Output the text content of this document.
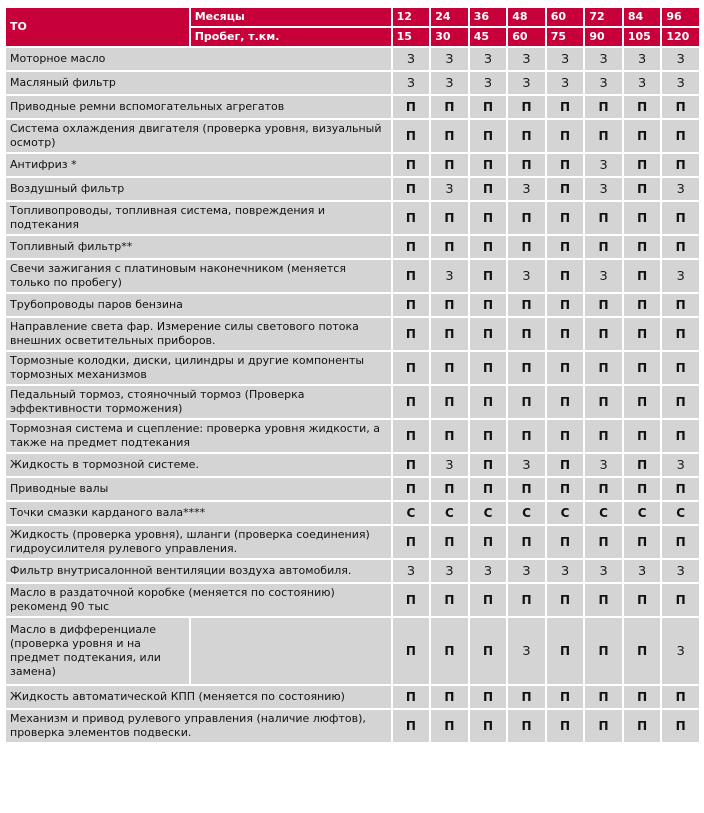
ТО	Месяцы	12	24	36	48	60	72	84	96
	Пробег, т.км.	15	30	45	60	75	90	105	120
Моторное масло		З	З	З	З	З	З	З	З
Масляный фильтр		З	З	З	З	З	З	З	З
Приводные ремни вспомогательных агрегатов		П	П	П	П	П	П	П	П
Система охлаждения двигателя (проверка уровня, визуальный осмотр)		П	П	П	П	П	П	П	П
Антифриз *		П	П	П	П	П	З	П	П
Воздушный фильтр		П	З	П	З	П	З	П	З
Топливопроводы, топливная система, повреждения и подтекания		П	П	П	П	П	П	П	П
Топливный фильтр**		П	П	П	П	П	П	П	П
Свечи зажигания с платиновым наконечником (меняется только по пробегу)		П	З	П	З	П	З	П	З
Трубопроводы паров бензина		П	П	П	П	П	П	П	П
Направление света фар. Измерение силы светового потока внешних осветительных приборов.		П	П	П	П	П	П	П	П
Тормозные колодки, диски, цилиндры и другие компоненты тормозных механизмов		П	П	П	П	П	П	П	П
Педальный тормоз, стояночный тормоз (Проверка эффективности торможения)		П	П	П	П	П	П	П	П
Тормозная система и сцепление: проверка уровня жидкости, а также на предмет подтекания		П	П	П	П	П	П	П	П
Жидкость в тормозной системе.		П	З	П	З	П	З	П	З
Приводные валы		П	П	П	П	П	П	П	П
Точки смазки карданого вала****		С	С	С	С	С	С	С	С
Жидкость (проверка уровня), шланги (проверка соединения) гидроусилителя рулевого управления.		П	П	П	П	П	П	П	П
Фильтр внутрисалонной вентиляции воздуха автомобиля.		З	З	З	З	З	З	З	З
Масло в раздаточной коробке (меняется по состоянию) рекоменд 90 тыс		П	П	П	П	П	П	П	П
Масло в дифференциале (проверка уровня и на предмет подтекания, или замена)		П	П	П	З	П	П	П	З
Жидкость автоматической КПП (меняется по состоянию)		П	П	П	П	П	П	П	П
Механизм и привод рулевого управления (наличие люфтов), проверка элементов подвески.		П	П	П	П	П	П	П	П
